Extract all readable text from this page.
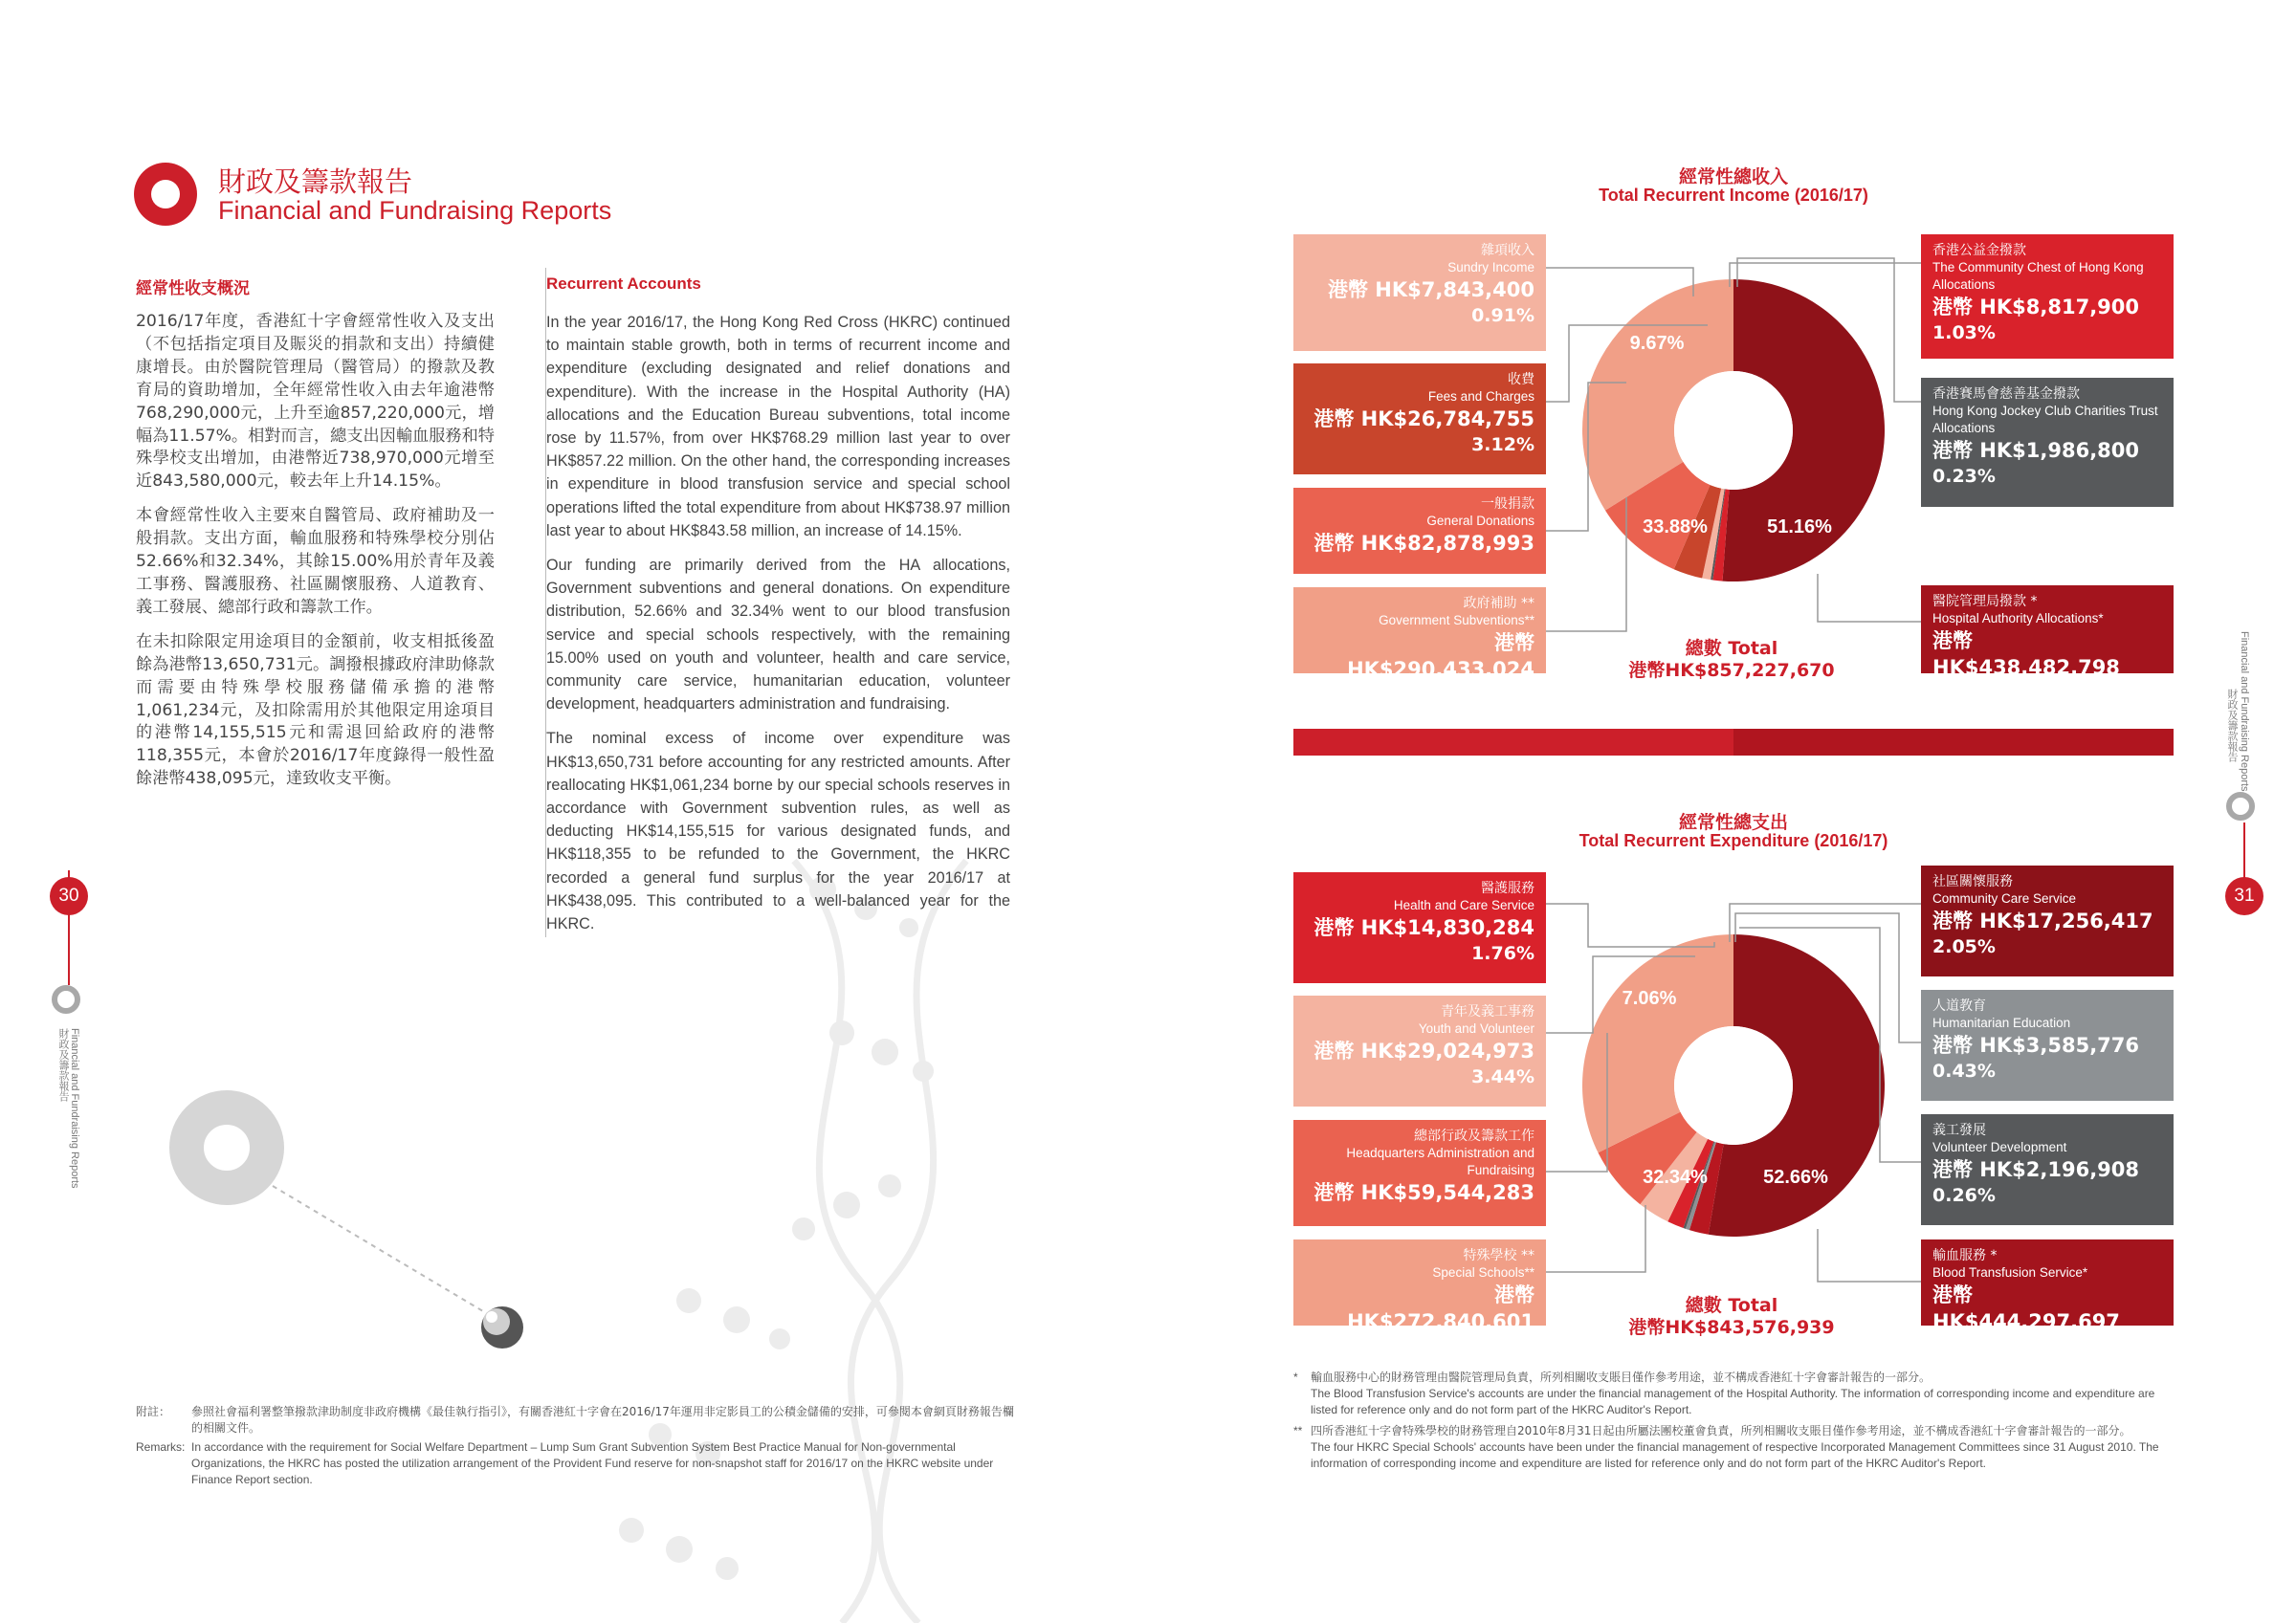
財政及籌款報告
Financial and Fundraising Reports
經常性收支概況

2016/17年度，香港紅十字會經常性收入及支出（不包括指定項目及賑災的捐款和支出）持續健康增長。由於醫院管理局（醫管局）的撥款及教育局的資助增加，全年經常性收入由去年逾港幣768,290,000元，上升至逾857,220,000元，增幅為11.57%。相對而言，總支出因輸血服務和特殊學校支出增加，由港幣近738,970,000元增至近843,580,000元，較去年上升14.15%。

本會經常性收入主要來自醫管局、政府補助及一般捐款。支出方面，輸血服務和特殊學校分別佔52.66%和32.34%，其餘15.00%用於青年及義工事務、醫護服務、社區關懷服務、人道教育、義工發展、總部行政和籌款工作。

在未扣除限定用途項目的金額前，收支相抵後盈餘為港幣13,650,731元。調撥根據政府津助條款而需要由特殊學校服務儲備承擔的港幣1,061,234元，及扣除需用於其他限定用途項目的港幣14,155,515元和需退回給政府的港幣118,355元，本會於2016/17年度錄得一般性盈餘港幣438,095元，達致收支平衡。

Recurrent Accounts

In the year 2016/17, the Hong Kong Red Cross (HKRC) continued to maintain stable growth, both in terms of recurrent income and expenditure (excluding designated and relief donations and expenditure). With the increase in the Hospital Authority (HA) allocations and the Education Bureau subventions, total income rose by 11.57%, from over HK$768.29 million last year to over HK$857.22 million. On the other hand, the corresponding increases in expenditure in blood transfusion service and special school operations lifted the total expenditure from about HK$738.97 million last year to about HK$843.58 million, an increase of 14.15%.

Our funding are primarily derived from the HA allocations, Government subventions and general donations. On expenditure distribution, 52.66% and 32.34% went to our blood transfusion service and special schools respectively, with the remaining 15.00% used on youth and volunteer, health and care service, community care service, humanitarian education, volunteer development, headquarters administration and fundraising.

The nominal excess of income over expenditure was HK$13,650,731 before accounting for any restricted amounts. After reallocating HK$1,061,234 borne by our special schools reserves in accordance with Government subvention rules, as well as deducting HK$14,155,515 for various designated funds, and HK$118,355 to be refunded to the Government, the HKRC recorded a general fund surplus for the year 2016/17 at HK$438,095. This contributed to a well-balanced year for the HKRC.

30
財政及籌款報告 Financial and Fundraising Reports
Financial and Fundraising Reports
財政及籌款報告
31
附註：	參照社會福利署整筆撥款津助制度非政府機構《最佳執行指引》，有關香港紅十字會在2016/17年運用非定影員工的公積金儲備的安排，可參閱本會網頁財務報告欄的相關文件。
Remarks: In accordance with the requirement for Social Welfare Department – Lump Sum Grant Subvention System Best Practice Manual for Non-governmental Organizations, the HKRC has posted the utilization arrangement of the Provident Fund reserve for non-snapshot staff for 2016/17 on the HKRC website under Finance Report section.
經常性總收入
Total Recurrent Income (2016/17)
雜項收入
Sundry Income
港幣 HK$7,843,400
0.91%
收費
Fees and Charges
港幣 HK$26,784,755
3.12%
一般捐款
General Donations
港幣 HK$82,878,993
政府補助 **
Government Subventions**
港幣 HK$290,433,024
香港公益金撥款
The Community Chest of Hong Kong Allocations
港幣 HK$8,817,900
1.03%
香港賽馬會慈善基金撥款
Hong Kong Jockey Club Charities Trust Allocations
港幣 HK$1,986,800
0.23%
醫院管理局撥款 *
Hospital Authority Allocations*
港幣 HK$438,482,798
9.67%
33.88%	51.16%
總數 Total
港幣HK$857,227,670
經常性總支出
Total Recurrent Expenditure (2016/17)
醫護服務
Health and Care Service
港幣 HK$14,830,284
1.76%
青年及義工事務
Youth and Volunteer
港幣 HK$29,024,973
3.44%
總部行政及籌款工作
Headquarters Administration and Fundraising
港幣 HK$59,544,283
特殊學校 **
Special Schools**
港幣 HK$272,840,601
社區關懷服務
Community Care Service
港幣 HK$17,256,417
2.05%
人道教育
Humanitarian Education
港幣 HK$3,585,776
0.43%
義工發展
Volunteer Development
港幣 HK$2,196,908
0.26%
輸血服務 *
Blood Transfusion Service*
港幣 HK$444,297,697
7.06%
32.34%	52.66%
總數 Total
港幣HK$843,576,939
*	輸血服務中心的財務管理由醫院管理局負責，所列相關收支賬目僅作參考用途，並不構成香港紅十字會審計報告的一部分。
The Blood Transfusion Service's accounts are under the financial management of the Hospital Authority. The information of corresponding income and expenditure are listed for reference only and do not form part of the HKRC Auditor's Report.
** 四所香港紅十字會特殊學校的財務管理自2010年8月31日起由所屬法團校董會負責，所列相關收支賬目僅作參考用途，並不構成香港紅十字會審計報告的一部分。
The four HKRC Special Schools' accounts have been under the financial management of respective Incorporated Management Committees since 31 August 2010. The information of corresponding income and expenditure are listed for reference only and do not form part of the HKRC Auditor's Report.
